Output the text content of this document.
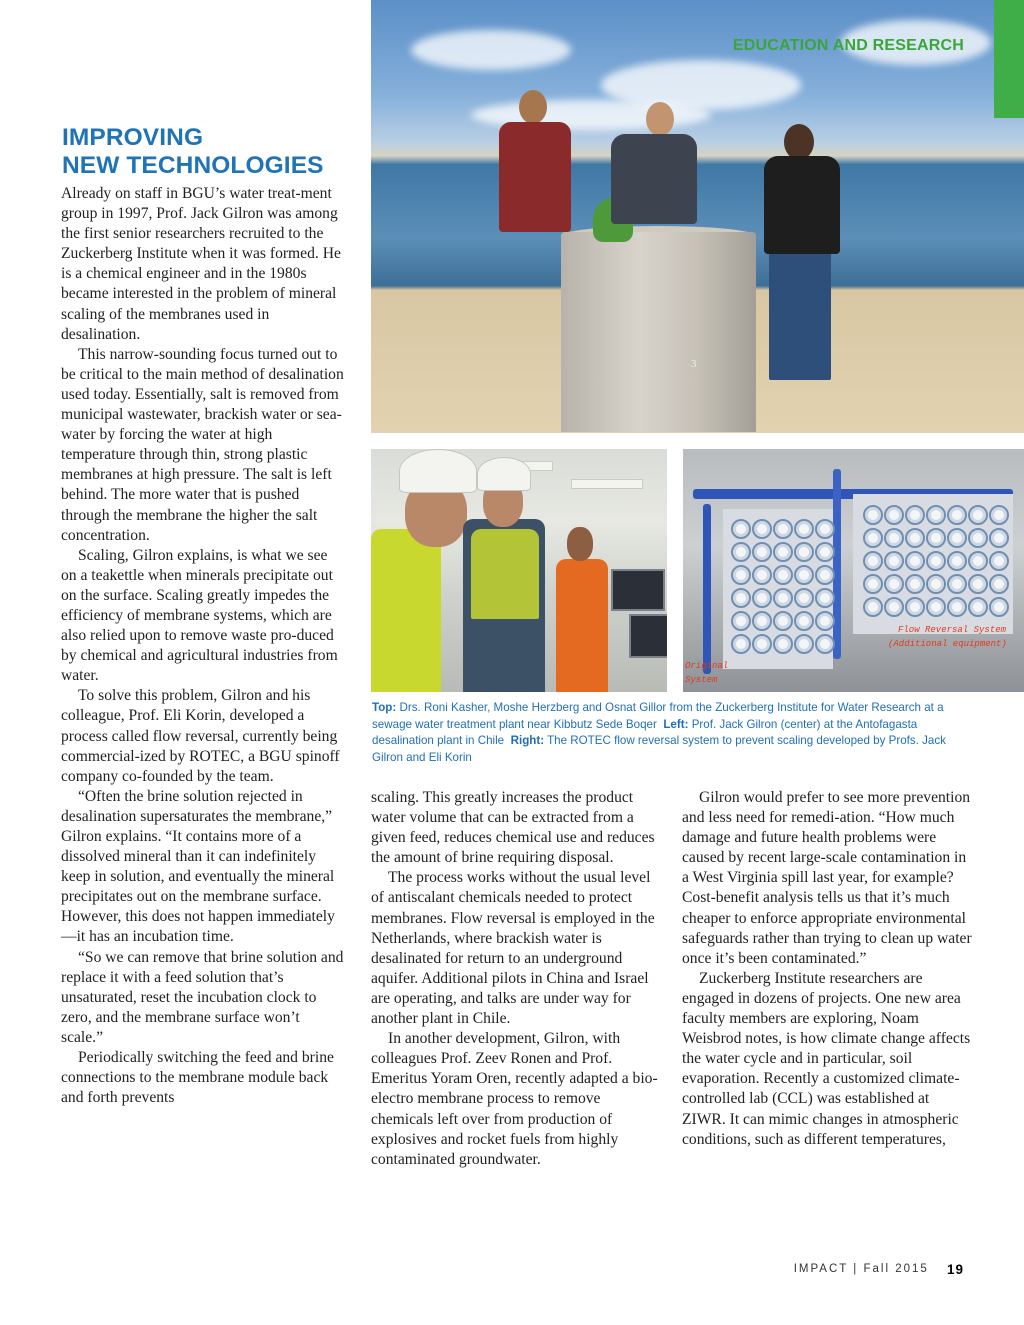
3
EDUCATION AND RESEARCH
Flow Reversal System
(Additional equipment)
Original
System
IMPROVING
NEW TECHNOLOGIES

Already on staff in BGU’s water treat-ment group in 1997, Prof. Jack Gilron was among the first senior researchers recruited to the Zuckerberg Institute when it was formed. He is a chemical engineer and in the 1980s became interested in the problem of mineral scaling of the membranes used in desalination.

This narrow-sounding focus turned out to be critical to the main method of desalination used today. Essentially, salt is removed from municipal wastewater, brackish water or sea-water by forcing the water at high temperature through thin, strong plastic membranes at high pressure. The salt is left behind. The more water that is pushed through the membrane the higher the salt concentration.

Scaling, Gilron explains, is what we see on a teakettle when minerals precipitate out on the surface. Scaling greatly impedes the efficiency of membrane systems, which are also relied upon to remove waste pro-duced by chemical and agricultural industries from water.

To solve this problem, Gilron and his colleague, Prof. Eli Korin, developed a process called flow reversal, currently being commercial-ized by ROTEC, a BGU spinoff company co-founded by the team.

“Often the brine solution rejected in desalination supersaturates the membrane,” Gilron explains. “It contains more of a dissolved mineral than it can indefinitely keep in solution, and eventually the mineral precipitates out on the membrane surface. However, this does not happen immediately—it has an incubation time.

“So we can remove that brine solution and replace it with a feed solution that’s unsaturated, reset the incubation clock to zero, and the membrane surface won’t scale.”

Periodically switching the feed and brine connections to the membrane module back and forth prevents

Top: Drs. Roni Kasher, Moshe Herzberg and Osnat Gillor from the Zuckerberg Institute for Water Research at a sewage water treatment plant near Kibbutz Sede Boqer Left: Prof. Jack Gilron (center) at the Antofagasta desalination plant in Chile Right: The ROTEC flow reversal system to prevent scaling developed by Profs. Jack Gilron and Eli Korin

scaling. This greatly increases the product water volume that can be extracted from a given feed, reduces chemical use and reduces the amount of brine requiring disposal.

The process works without the usual level of antiscalant chemicals needed to protect membranes. Flow reversal is employed in the Netherlands, where brackish water is desalinated for return to an underground aquifer. Additional pilots in China and Israel are operating, and talks are under way for another plant in Chile.

In another development, Gilron, with colleagues Prof. Zeev Ronen and Prof. Emeritus Yoram Oren, recently adapted a bio-electro membrane process to remove chemicals left over from production of explosives and rocket fuels from highly contaminated groundwater.

Gilron would prefer to see more prevention and less need for remedi-ation. “How much damage and future health problems were caused by recent large-scale contamination in a West Virginia spill last year, for example? Cost-benefit analysis tells us that it’s much cheaper to enforce appropriate environmental safeguards rather than trying to clean up water once it’s been contaminated.”

Zuckerberg Institute researchers are engaged in dozens of projects. One new area faculty members are exploring, Noam Weisbrod notes, is how climate change affects the water cycle and in particular, soil evaporation. Recently a customized climate-controlled lab (CCL) was established at ZIWR. It can mimic changes in atmospheric conditions, such as different temperatures,

IMPACT | Fall 2015	19
